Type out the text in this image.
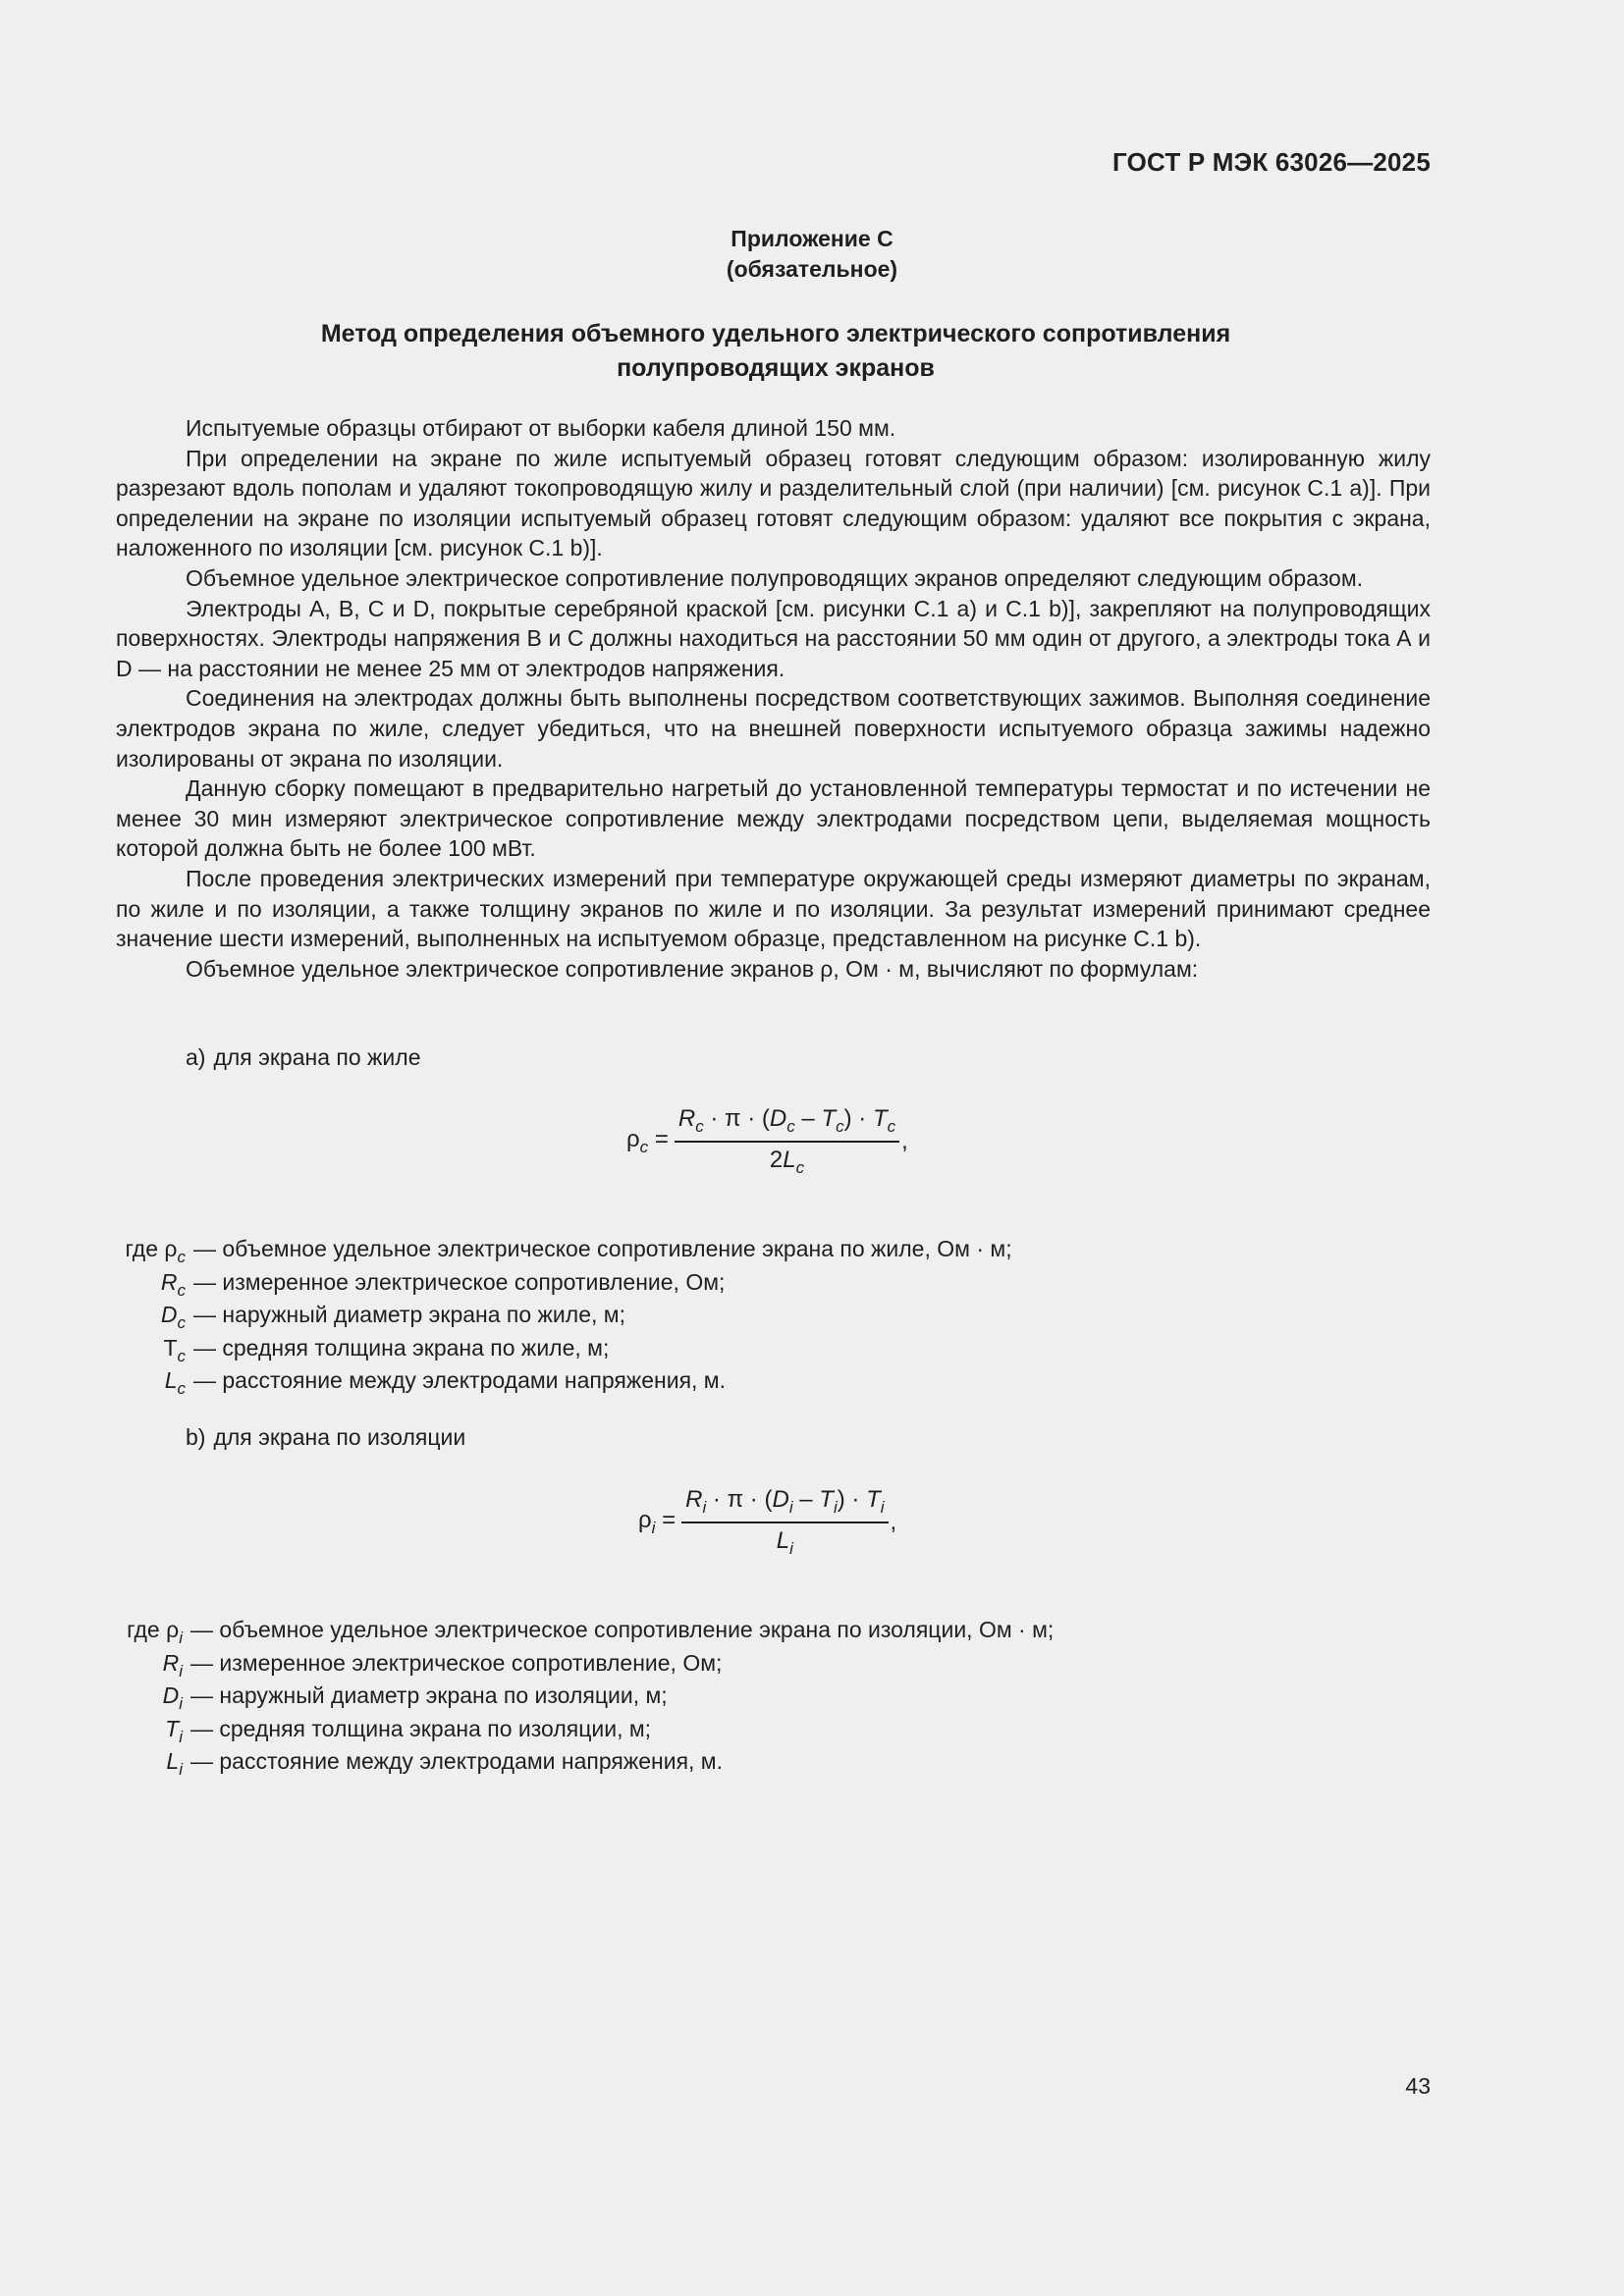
ГОСТ Р МЭК 63026—2025
Приложение С
(обязательное)
Метод определения объемного удельного электрического сопротивления
полупроводящих экранов

Испытуемые образцы отбирают от выборки кабеля длиной 150 мм.

При определении на экране по жиле испытуемый образец готовят следующим образом: изолированную жилу разрезают вдоль пополам и удаляют токопроводящую жилу и разделительный слой (при наличии) [см. рисунок С.1 а)]. При определении на экране по изоляции испытуемый образец готовят следующим образом: удаляют все покрытия с экрана, наложенного по изоляции [см. рисунок С.1 b)].

Объемное удельное электрическое сопротивление полупроводящих экранов определяют следующим образом.

Электроды А, В, С и D, покрытые серебряной краской [см. рисунки С.1 а) и С.1 b)], закрепляют на полупроводящих поверхностях. Электроды напряжения В и С должны находиться на расстоянии 50 мм один от другого, а электроды тока А и D — на расстоянии не менее 25 мм от электродов напряжения.

Соединения на электродах должны быть выполнены посредством соответствующих зажимов. Выполняя соединение электродов экрана по жиле, следует убедиться, что на внешней поверхности испытуемого образца зажимы надежно изолированы от экрана по изоляции.

Данную сборку помещают в предварительно нагретый до установленной температуры термостат и по истечении не менее 30 мин измеряют электрическое сопротивление между электродами посредством цепи, выделяемая мощность которой должна быть не более 100 мВт.

После проведения электрических измерений при температуре окружающей среды измеряют диаметры по экранам, по жиле и по изоляции, а также толщину экранов по жиле и по изоляции. За результат измерений принимают среднее значение шести измерений, выполненных на испытуемом образце, представленном на рисунке С.1 b).

Объемное удельное электрическое сопротивление экранов ρ, Ом · м, вычисляют по формулам:

а) для экрана по жиле
$\rho_c = \frac{R_c \cdot \pi \cdot (D_c - T_c) \cdot T_c}{2L_c}$ ,
где $\rho_c$ — объемное удельное электрическое сопротивление экрана по жиле, Ом · м;
$R_c$ — измеренное электрическое сопротивление, Ом;
$D_c$ — наружный диаметр экрана по жиле, м;
$T_c$ — средняя толщина экрана по жиле, м;
$L_c$ — расстояние между электродами напряжения, м.
b) для экрана по изоляции
$\rho_i = \frac{R_i \cdot \pi \cdot (D_i - T_i) \cdot T_i}{L_i}$ ,
где $\rho_i$ — объемное удельное электрическое сопротивление экрана по изоляции, Ом · м;
$R_i$ — измеренное электрическое сопротивление, Ом;
$D_i$ — наружный диаметр экрана по изоляции, м;
$T_i$ — средняя толщина экрана по изоляции, м;
$L_i$ — расстояние между электродами напряжения, м.
43
